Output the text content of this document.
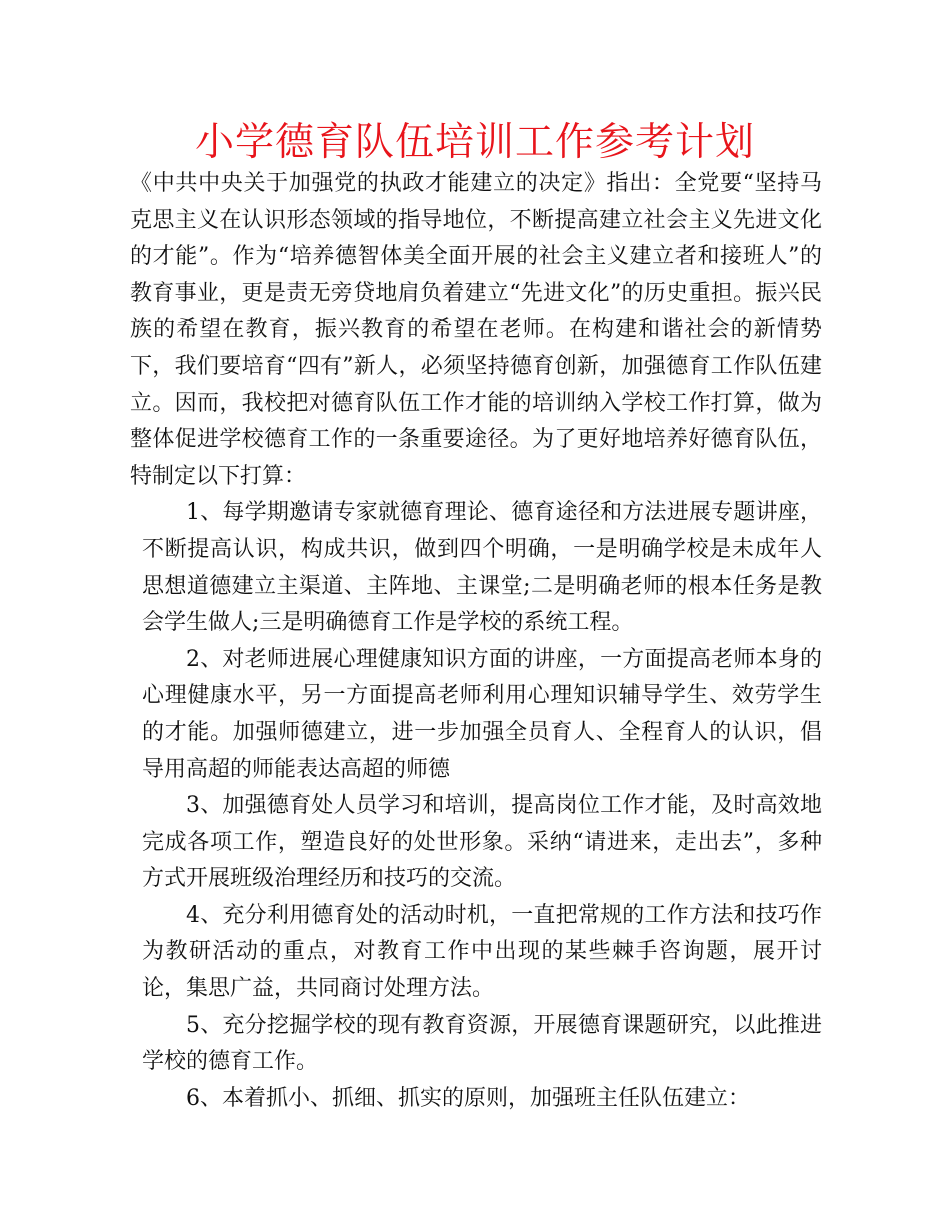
小学德育队伍培训工作参考计划

《中共中央关于加强党的执政才能建立的决定》指出：全党要“坚持马克思主义在认识形态领域的指导地位，不断提高建立社会主义先进文化的才能”。作为“培养德智体美全面开展的社会主义建立者和接班人”的教育事业，更是责无旁贷地肩负着建立“先进文化”的历史重担。振兴民族的希望在教育，振兴教育的希望在老师。在构建和谐社会的新情势下，我们要培育“四有”新人，必须坚持德育创新，加强德育工作队伍建立。因而，我校把对德育队伍工作才能的培训纳入学校工作打算，做为整体促进学校德育工作的一条重要途径。为了更好地培养好德育队伍，特制定以下打算：

1、每学期邀请专家就德育理论、德育途径和方法进展专题讲座，不断提高认识，构成共识，做到四个明确，一是明确学校是未成年人思想道德建立主渠道、主阵地、主课堂;二是明确老师的根本任务是教会学生做人;三是明确德育工作是学校的系统工程。

2、对老师进展心理健康知识方面的讲座，一方面提高老师本身的心理健康水平，另一方面提高老师利用心理知识辅导学生、效劳学生的才能。加强师德建立，进一步加强全员育人、全程育人的认识，倡导用高超的师能表达高超的师德

3、加强德育处人员学习和培训，提高岗位工作才能，及时高效地完成各项工作，塑造良好的处世形象。采纳“请进来，走出去”，多种方式开展班级治理经历和技巧的交流。

4、充分利用德育处的活动时机，一直把常规的工作方法和技巧作为教研活动的重点，对教育工作中出现的某些棘手咨询题，展开讨论，集思广益，共同商讨处理方法。

5、充分挖掘学校的现有教育资源，开展德育课题研究，以此推进学校的德育工作。

6、本着抓小、抓细、抓实的原则，加强班主任队伍建立：
